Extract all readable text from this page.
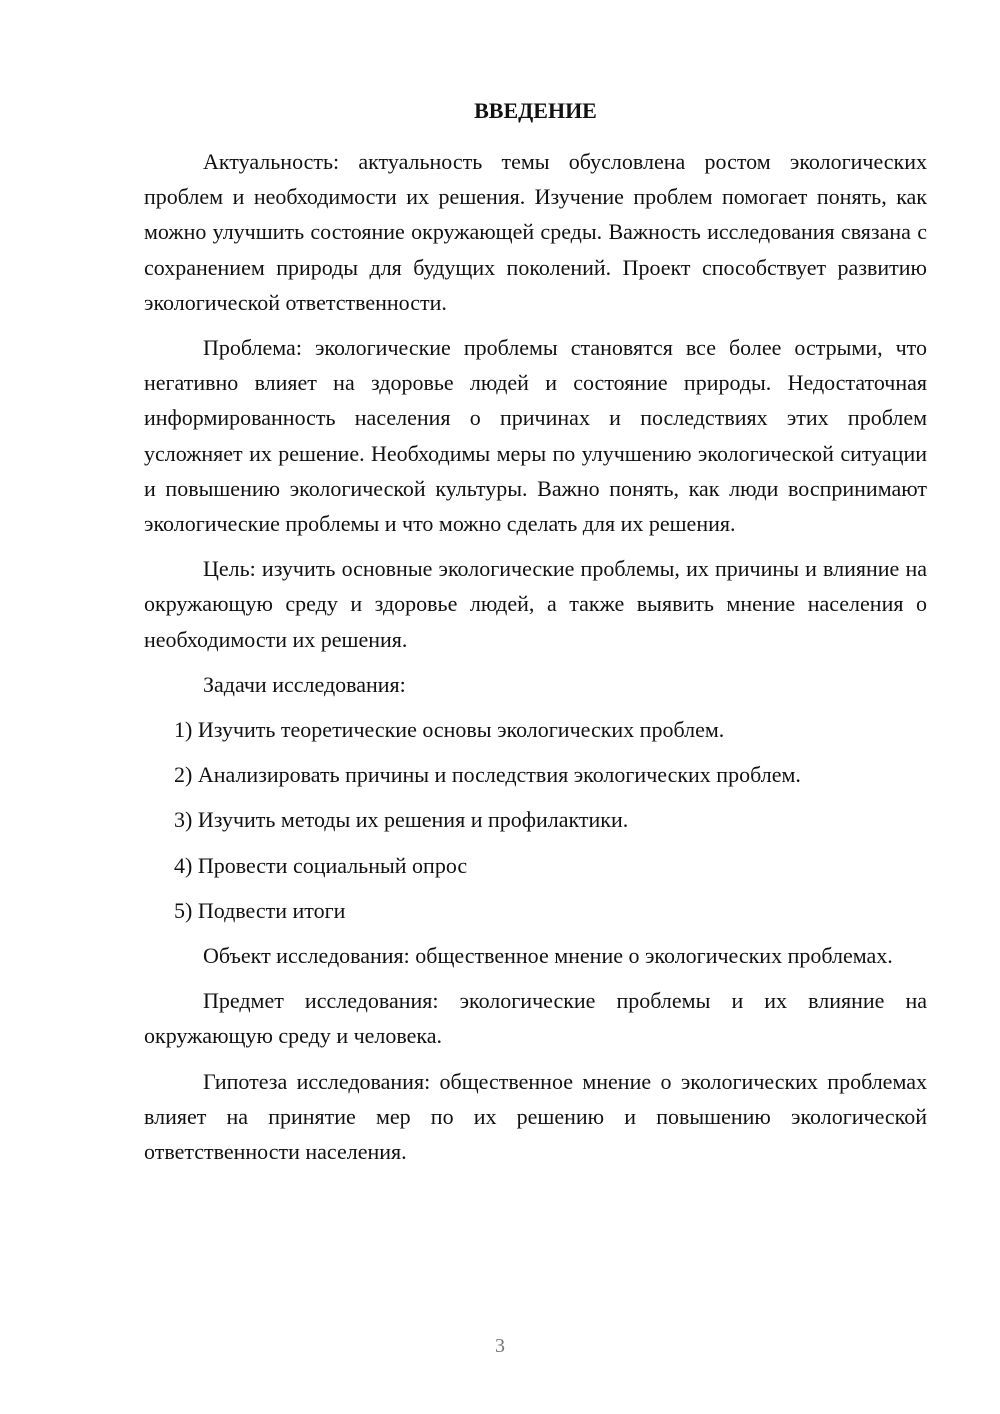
ВВЕДЕНИЕ

Актуальность: актуальность темы обусловлена ростом экологических проблем и необходимости их решения. Изучение проблем помогает понять, как можно улучшить состояние окружающей среды. Важность исследования связана с сохранением природы для будущих поколений. Проект способствует развитию экологической ответственности.

Проблема: экологические проблемы становятся все более острыми, что негативно влияет на здоровье людей и состояние природы. Недостаточная информированность населения о причинах и последствиях этих проблем усложняет их решение. Необходимы меры по улучшению экологической ситуации и повышению экологической культуры. Важно понять, как люди воспринимают экологические проблемы и что можно сделать для их решения.

Цель: изучить основные экологические проблемы, их причины и влияние на окружающую среду и здоровье людей, а также выявить мнение населения о необходимости их решения.

Задачи исследования:

1) Изучить теоретические основы экологических проблем.

2) Анализировать причины и последствия экологических проблем.

3) Изучить методы их решения и профилактики.

4) Провести социальный опрос

5) Подвести итоги

Объект исследования: общественное мнение о экологических проблемах.

Предмет исследования: экологические проблемы и их влияние на окружающую среду и человека.

Гипотеза исследования: общественное мнение о экологических проблемах влияет на принятие мер по их решению и повышению экологической ответственности населения.

3
